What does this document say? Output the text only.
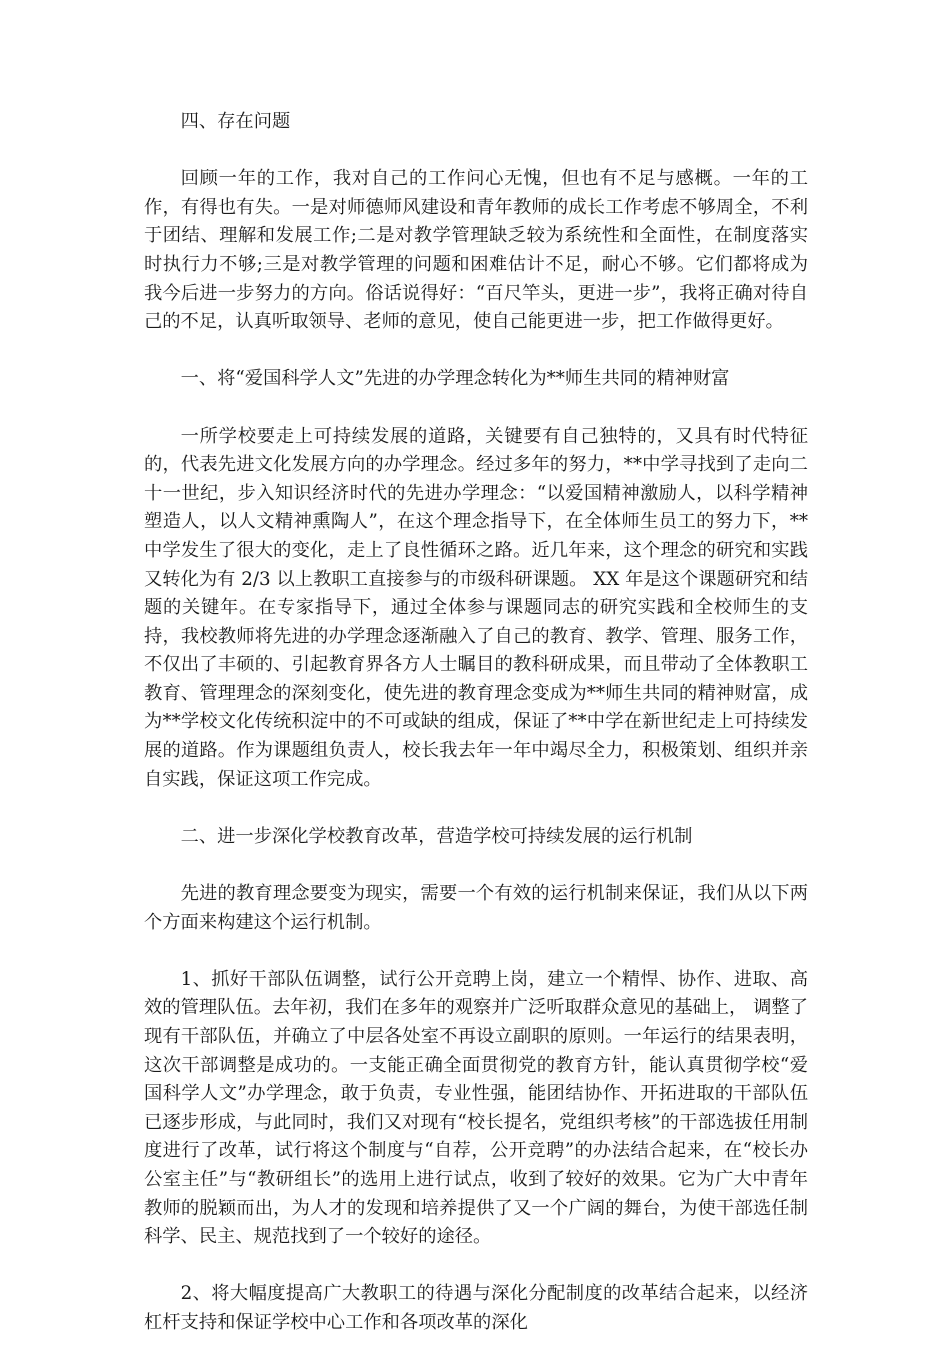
四、存在问题

回顾一年的工作，我对自己的工作问心无愧，但也有不足与感概。一年的工作，有得也有失。一是对师德师风建设和青年教师的成长工作考虑不够周全，不利于团结、理解和发展工作;二是对教学管理缺乏较为系统性和全面性，在制度落实时执行力不够;三是对教学管理的问题和困难估计不足，耐心不够。它们都将成为我今后进一步努力的方向。俗话说得好：“百尺竿头，更进一步”，我将正确对待自己的不足，认真听取领导、老师的意见，使自己能更进一步，把工作做得更好。

一、将“爱国科学人文”先进的办学理念转化为**师生共同的精神财富

一所学校要走上可持续发展的道路，关键要有自己独特的，又具有时代特征的，代表先进文化发展方向的办学理念。经过多年的努力，**中学寻找到了走向二十一世纪，步入知识经济时代的先进办学理念：“以爱国精神激励人，以科学精神塑造人，以人文精神熏陶人”，在这个理念指导下，在全体师生员工的努力下，** 中学发生了很大的变化，走上了良性循环之路。近几年来，这个理念的研究和实践又转化为有 2/3 以上教职工直接参与的市级科研课题。 XX 年是这个课题研究和结题的关键年。在专家指导下，通过全体参与课题同志的研究实践和全校师生的支持，我校教师将先进的办学理念逐渐融入了自己的教育、教学、管理、服务工作，不仅出了丰硕的、引起教育界各方人士瞩目的教科研成果，而且带动了全体教职工教育、管理理念的深刻变化，使先进的教育理念变成为**师生共同的精神财富，成为**学校文化传统积淀中的不可或缺的组成，保证了**中学在新世纪走上可持续发展的道路。作为课题组负责人，校长我去年一年中竭尽全力，积极策划、组织并亲自实践，保证这项工作完成。

二、进一步深化学校教育改革，营造学校可持续发展的运行机制

先进的教育理念要变为现实，需要一个有效的运行机制来保证，我们从以下两个方面来构建这个运行机制。

1、抓好干部队伍调整，试行公开竞聘上岗，建立一个精悍、协作、进取、高效的管理队伍。去年初，我们在多年的观察并广泛听取群众意见的基础上， 调整了现有干部队伍，并确立了中层各处室不再设立副职的原则。一年运行的结果表明，这次干部调整是成功的。一支能正确全面贯彻党的教育方针，能认真贯彻学校“爱国科学人文”办学理念，敢于负责，专业性强，能团结协作、开拓进取的干部队伍已逐步形成，与此同时，我们又对现有“校长提名，党组织考核”的干部选拔任用制度进行了改革，试行将这个制度与“自荐，公开竞聘”的办法结合起来，在“校长办公室主任”与“教研组长”的选用上进行试点，收到了较好的效果。它为广大中青年教师的脱颖而出，为人才的发现和培养提供了又一个广阔的舞台，为使干部选任制科学、民主、规范找到了一个较好的途径。

2、将大幅度提高广大教职工的待遇与深化分配制度的改革结合起来，以经济杠杆支持和保证学校中心工作和各项改革的深化
